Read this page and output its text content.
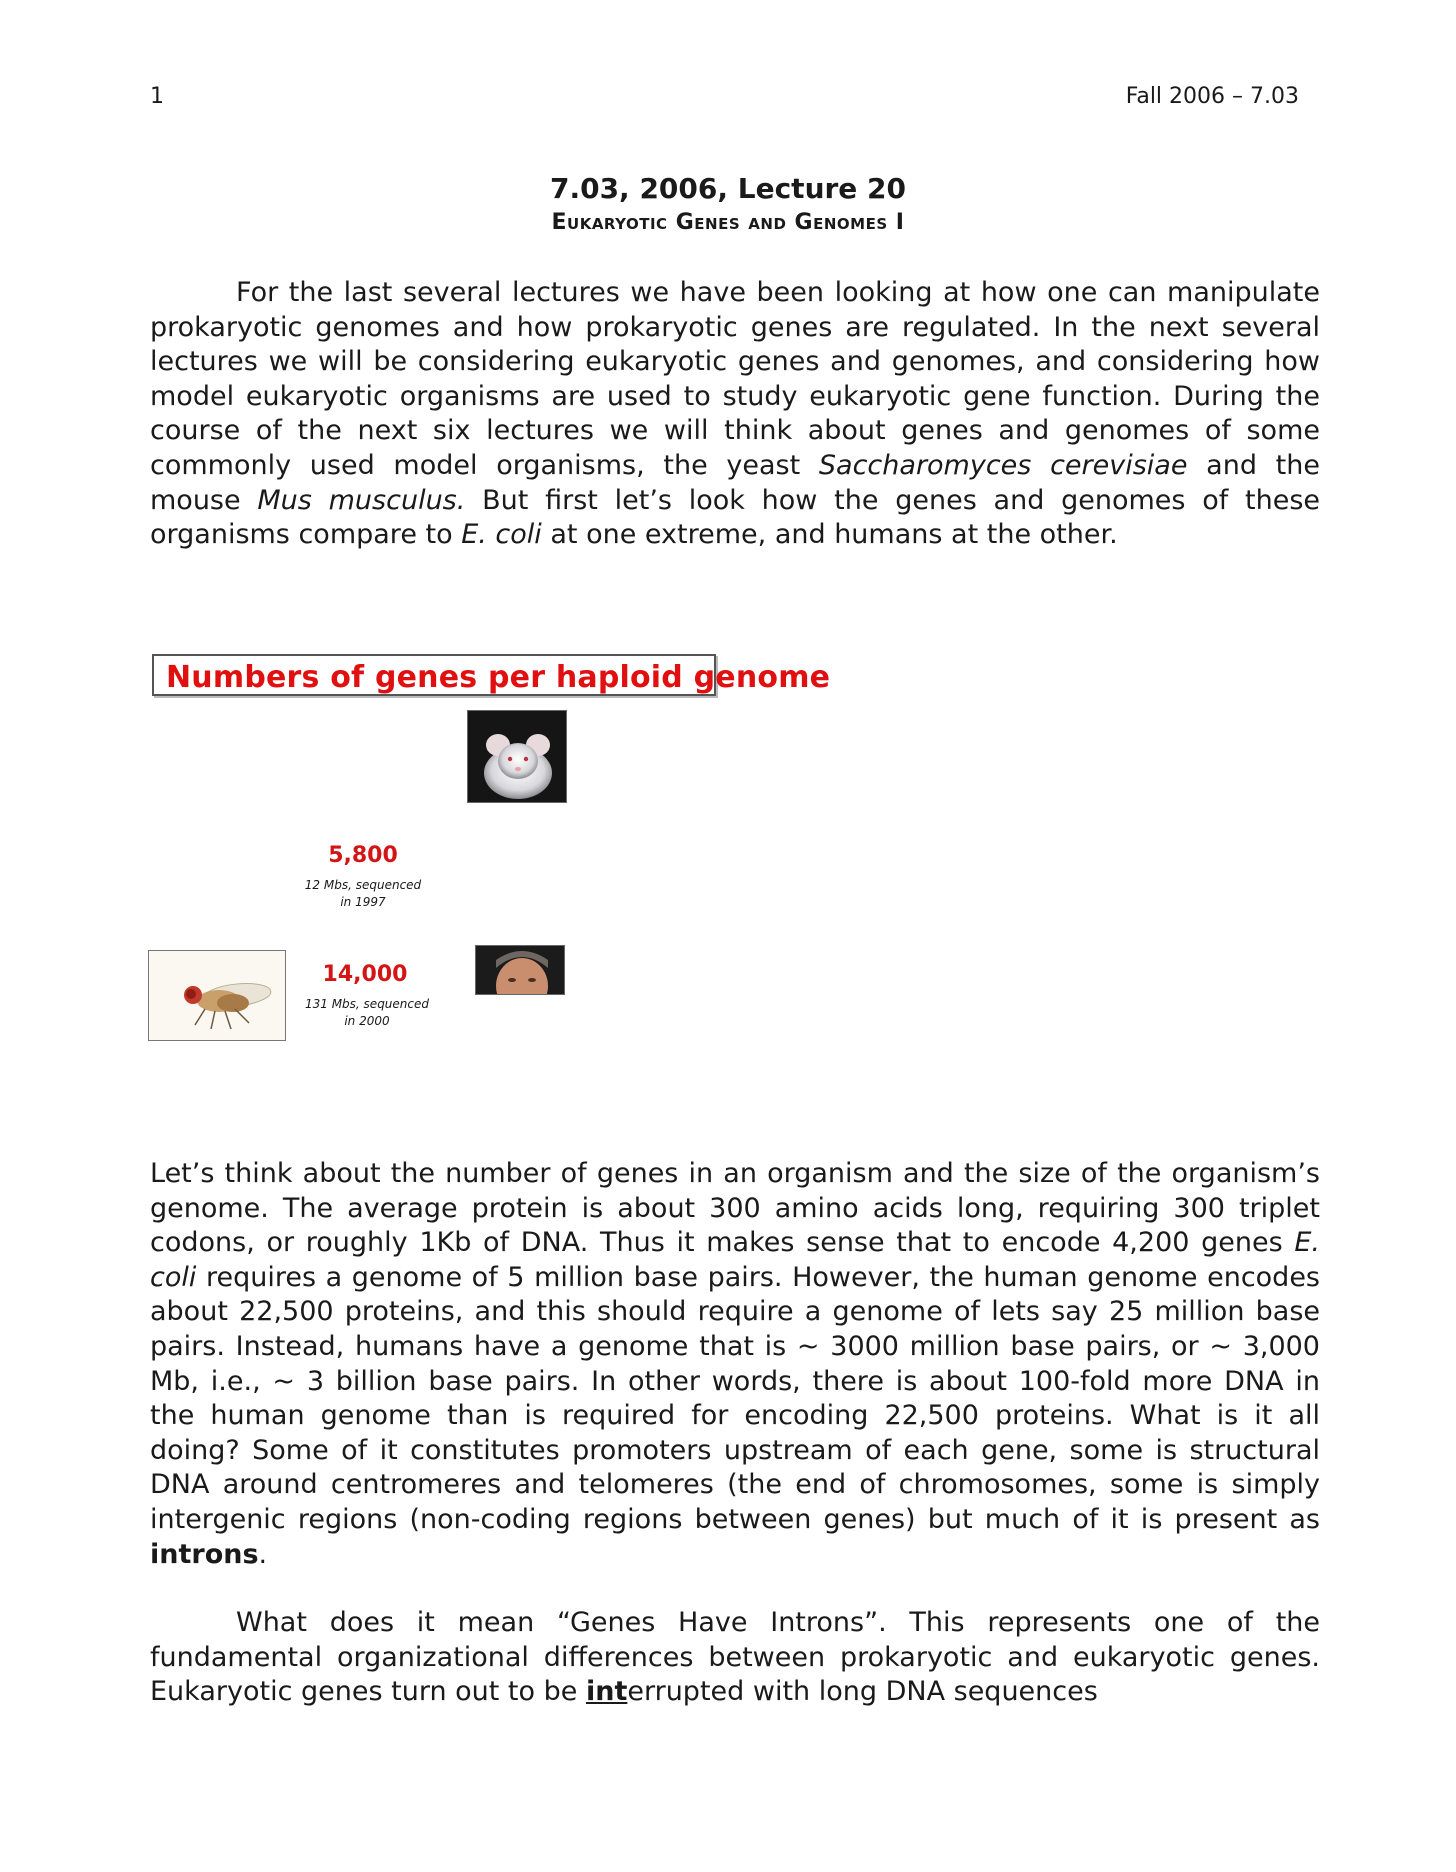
1	Fall 2006 – 7.03
7.03, 2006, Lecture 20
Eukaryotic Genes and Genomes I

For the last several lectures we have been looking at how one can manipulate prokaryotic genomes and how prokaryotic genes are regulated. In the next several lectures we will be considering eukaryotic genes and genomes, and considering how model eukaryotic organisms are used to study eukaryotic gene function. During the course of the next six lectures we will think about genes and genomes of some commonly used model organisms, the yeast Saccharomyces cerevisiae and the mouse Mus musculus. But first let’s look how the genes and genomes of these organisms compare to E. coli at one extreme, and humans at the other.

Numbers of genes per haploid genome
5,800
12 Mbs, sequenced
in 1997
14,000
131 Mbs, sequenced
in 2000

Let’s think about the number of genes in an organism and the size of the organism’s genome. The average protein is about 300 amino acids long, requiring 300 triplet codons, or roughly 1Kb of DNA. Thus it makes sense that to encode 4,200 genes E. coli requires a genome of 5 million base pairs. However, the human genome encodes about 22,500 proteins, and this should require a genome of lets say 25 million base pairs. Instead, humans have a genome that is ~ 3000 million base pairs, or ~ 3,000 Mb, i.e., ~ 3 billion base pairs. In other words, there is about 100-fold more DNA in the human genome than is required for encoding 22,500 proteins. What is it all doing? Some of it constitutes promoters upstream of each gene, some is structural DNA around centromeres and telomeres (the end of chromosomes, some is simply intergenic regions (non-coding regions between genes) but much of it is present as introns.

What does it mean “Genes Have Introns”. This represents one of the fundamental organizational differences between prokaryotic and eukaryotic genes. Eukaryotic genes turn out to be interrupted with long DNA sequences
